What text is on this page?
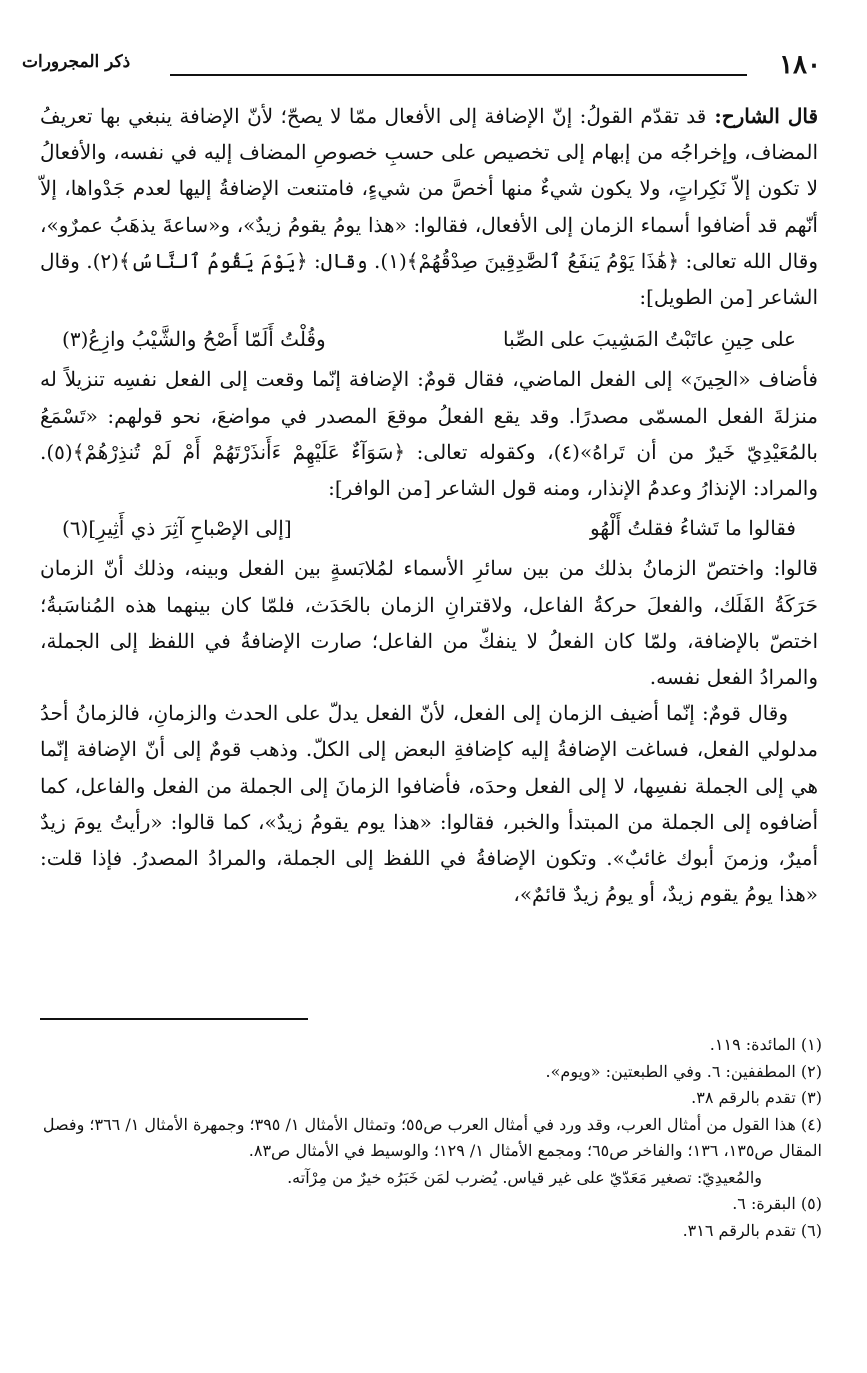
١٨٠
ذكر المجرورات

قال الشارح: قد تقدّم القولُ: إنّ الإضافة إلى الأفعال ممّا لا يصحّ؛ لأنّ الإضافة ينبغي بها تعريفُ المضاف، وإخراجُه من إبهام إلى تخصيص على حسبِ خصوصِ المضاف إليه في نفسه، والأفعالُ لا تكون إلاّ نَكِراتٍ، ولا يكون شيءٌ منها أخصَّ من شيءٍ، فامتنعت الإضافةُ إليها لعدم جَدْواها، إلاّ أنّهم قد أضافوا أسماء الزمان إلى الأفعال، فقالوا: «هذا يومُ يقومُ زيدٌ»، و«ساعةَ يذهَبُ عمرٌو»، وقال الله تعالى: ﴿هَٰذَا يَوْمُ يَنفَعُ ٱلصَّٰدِقِينَ صِدْقُهُمْ﴾(١). وقال: ﴿يَوْمَ يَقُومُ ٱلنَّاسُ﴾(٢). وقال الشاعر [من الطويل]:

على حِينِ عاتَبْتُ المَشِيبَ على الصِّبا
وقُلْتُ أَلَمّا أَصْحُ والشَّيْبُ وازِعُ(٣)

فأضاف «الحِينَ» إلى الفعل الماضي، فقال قومٌ: الإضافة إنّما وقعت إلى الفعل نفسِه تنزيلاً له منزلةَ الفعل المسمّى مصدرًا. وقد يقع الفعلُ موقعَ المصدر في مواضعَ، نحو قولهم: «تَسْمَعُ بالمُعَيْدِيّ خَيرٌ من أن تَراهُ»(٤)، وكقوله تعالى: ﴿سَوَآءٌ عَلَيْهِمْ ءَأَنذَرْتَهُمْ أَمْ لَمْ تُنذِرْهُمْ﴾(٥). والمراد: الإنذارُ وعدمُ الإنذار، ومنه قول الشاعر [من الوافر]:

فقالوا ما تَشاءُ فقلتُ أَلْهُو
[إلى الإصْباحِ آثِرَ ذي أَثِيرِ](٦)

قالوا: واختصّ الزمانُ بذلك من بين سائرِ الأسماء لمُلابَسةٍ بين الفعل وبينه، وذلك أنّ الزمان حَرَكَةُ الفَلَك، والفعلَ حركةُ الفاعل، ولاقترانِ الزمان بالحَدَث، فلمّا كان بينهما هذه المُناسَبةُ؛ اختصّ بالإضافة، ولمّا كان الفعلُ لا ينفكّ من الفاعل؛ صارت الإضافةُ في اللفظ إلى الجملة، والمرادُ الفعل نفسه.

وقال قومٌ: إنّما أضيف الزمان إلى الفعل، لأنّ الفعل يدلّ على الحدث والزمانِ، فالزمانُ أحدُ مدلولي الفعل، فساغت الإضافةُ إليه كإضافةِ البعض إلى الكلّ. وذهب قومٌ إلى أنّ الإضافة إنّما هي إلى الجملة نفسِها، لا إلى الفعل وحدَه، فأضافوا الزمانَ إلى الجملة من الفعل والفاعل، كما أضافوه إلى الجملة من المبتدأ والخبر، فقالوا: «هذا يوم يقومُ زيدٌ»، كما قالوا: «رأيتُ يومَ زيدٌ أميرٌ، وزمنَ أبوك غائبٌ». وتكون الإضافةُ في اللفظ إلى الجملة، والمرادُ المصدرُ. فإذا قلت: «هذا يومُ يقوم زيدٌ، أو يومُ زيدٌ قائمٌ»،

(١) المائدة: ١١٩.

(٢) المطففين: ٦. وفي الطبعتين: «ويوم».

(٣) تقدم بالرقم ٣٨.

(٤) هذا القول من أمثال العرب، وقد ورد في أمثال العرب ص٥٥؛ وتمثال الأمثال ١/ ٣٩٥؛ وجمهرة الأمثال ١/ ٣٦٦؛ وفصل المقال ص١٣٥، ١٣٦؛ والفاخر ص٦٥؛ ومجمع الأمثال ١/ ١٢٩؛ والوسيط في الأمثال ص٨٣.

والمُعيدِيّ: تصغير مَعَدّيّ على غير قياس. يُضرب لمَن خَبَرُه خيرٌ من مِرْآته.

(٥) البقرة: ٦.

(٦) تقدم بالرقم ٣١٦.
